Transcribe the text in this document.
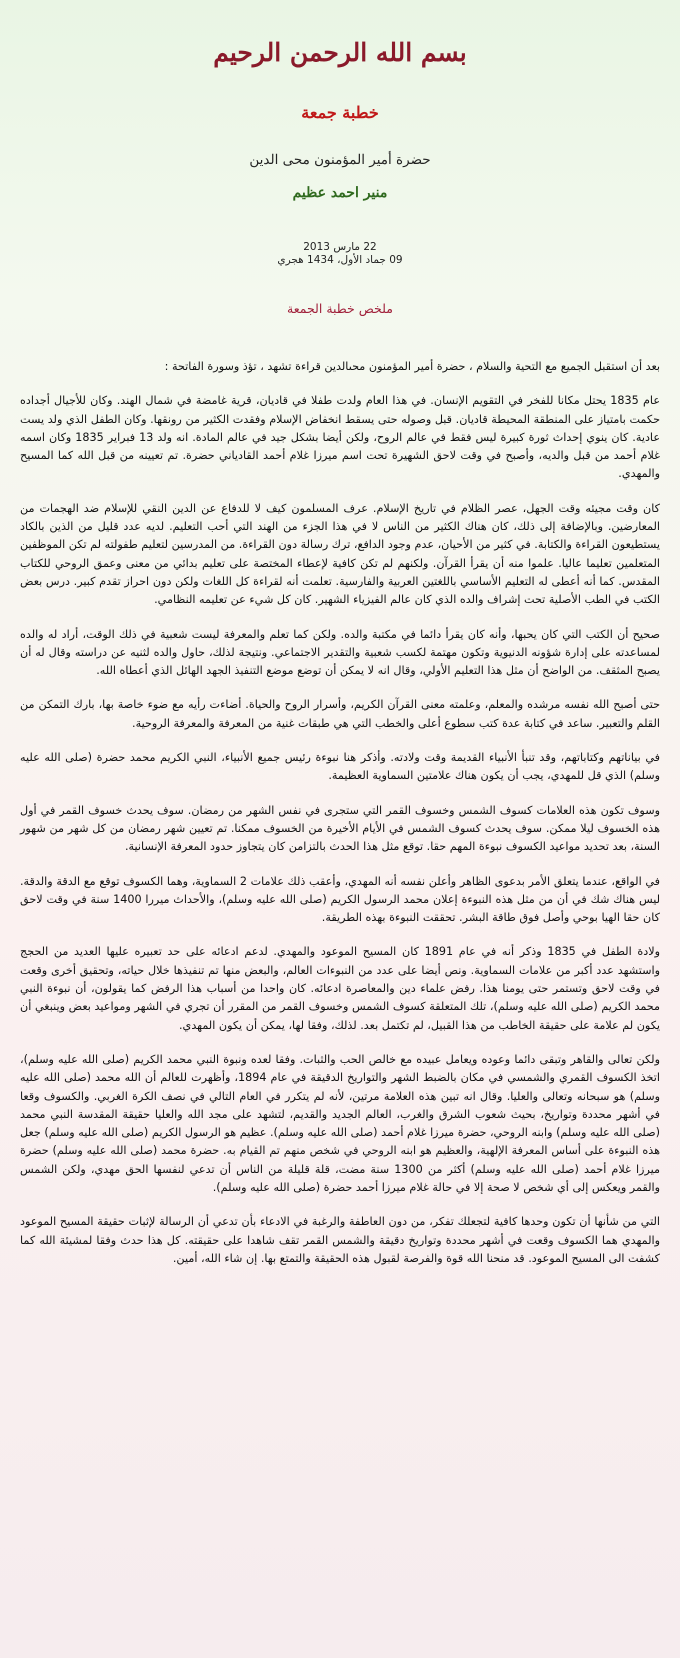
بسم الله الرحمن الرحيم
خطبة جمعة
حضرة أمير المؤمنون محى الدين
منير احمد عظيم
22 مارس 2013
09 جماد الأول، 1434 هجري
ملخص خطبة الجمعة

بعد أن استقبل الجميع مع التحية والسلام ، حضرة أمير المؤمنون محىالدين قراءة تشهد ، تؤذ وسورة الفاتحة :

عام 1835 يحتل مكانا للفخر في التقويم الإنسان. في هذا العام ولدت طفلا في قاديان، قرية غامضة في شمال الهند. وكان للأجيال أجداده حكمت بامتياز على المنطقة المحيطة قاديان. قبل وصوله حتى يسقط انخفاض الإسلام وفقدت الكثير من رونقها. وكان الطفل الذي ولد يست عادية. كان ينوي إحداث ثورة كبيرة ليس فقط في عالم الروح، ولكن أيضا بشكل جيد في عالم المادة. انه ولد 13 فبراير 1835 وكان اسمه غلام أحمد من قبل والديه، وأصبح في وقت لاحق الشهيرة تحت اسم ميرزا غلام أحمد القادياني حضرة. تم تعيينه من قبل الله كما المسيح والمهدي.

كان وقت مجيئه وقت الجهل، عصر الظلام في تاريخ الإسلام. عرف المسلمون كيف لا للدفاع عن الدين النقي للإسلام ضد الهجمات من المعارضين. وبالإضافة إلى ذلك، كان هناك الكثير من الناس لا في هذا الجزء من الهند التي أحب التعليم. لديه عدد قليل من الذين بالكاد يستطيعون القراءة والكتابة. في كثير من الأحيان، عدم وجود الدافع، ترك رسالة دون القراءة. من المدرسين لتعليم طفولته لم تكن الموظفين المتعلمين تعليما عاليا. علموا منه أن يقرأ القرآن. ولكنهم لم تكن كافية لإعطاء المختصة على تعليم بدائي من معنى وعمق الروحي للكتاب المقدس. كما أنه أعطى له التعليم الأساسي باللغتين العربية والفارسية. تعلمت أنه لقراءة كل اللغات ولكن دون احراز تقدم كبير. درس بعض الكتب في الطب الأصلية تحت إشراف والده الذي كان عالم الفيزياء الشهير. كان كل شيء عن تعليمه النظامي.

صحيح أن الكتب التي كان يحبها، وأنه كان يقرأ دائما في مكتبة والده. ولكن كما تعلم والمعرفة ليست شعبية في ذلك الوقت، أراد له والده لمساعدته على إدارة شؤونه الدنيوية وتكون مهتمة لكسب شعبية والتقدير الاجتماعي. ونتيجة لذلك، حاول والده لثنيه عن دراسته وقال له أن يصبح المثقف. من الواضح أن مثل هذا التعليم الأولي، وقال انه لا يمكن أن توضع موضع التنفيذ الجهد الهائل الذي أعطاه الله.

حتى أصبح الله نفسه مرشده والمعلم، وعلمته معنى القرآن الكريم، وأسرار الروح والحياة. أضاءت رأيه مع ضوء خاصة بها، بارك التمكن من القلم والتعبير. ساعد في كتابة عدة كتب سطوع أعلى والخطب التي هي طبقات غنية من المعرفة والمعرفة الروحية.

في بياناتهم وكتاباتهم، وقد تنبأ الأنبياء القديمة وقت ولادته. وأذكر هنا نبوءة رئيس جميع الأنبياء، النبي الكريم محمد حضرة (صلى الله عليه وسلم) الذي قل للمهدي، يجب أن يكون هناك علامتين السماوية العظيمة.

وسوف تكون هذه العلامات كسوف الشمس وخسوف القمر التي ستجرى في نفس الشهر من رمضان. سوف يحدث خسوف القمر في أول هذه الخسوف ليلا ممكن. سوف يحدث كسوف الشمس في الأيام الأخيرة من الخسوف ممكنا. تم تعيين شهر رمضان من كل شهر من شهور السنة، بعد تحديد مواعيد الكسوف نبوءة المهم حقا. توقع مثل هذا الحدث بالتزامن كان يتجاوز حدود المعرفة الإنسانية.

في الواقع، عندما يتعلق الأمر بدعوى الظاهر وأعلن نفسه أنه المهدي، وأعقب ذلك علامات 2 السماوية، وهما الكسوف توقع مع الدقة والدقة. ليس هناك شك في أن من مثل هذه النبوءة إعلان محمد الرسول الكريم (صلى الله عليه وسلم)، والأحداث ميررا 1400 سنة في وقت لاحق كان حقا الهيا بوحي وأصل فوق طاقة البشر. تحققت النبوءة بهذه الطريقة.

ولادة الطفل في 1835 وذكر أنه في عام 1891 كان المسيح الموعود والمهدي. لدعم ادعائه على حد تعبيره عليها العديد من الحجج واستشهد عدد أكبر من علامات السماوية. ونص أيضا على عدد من النبوءات العالم، والبعض منها تم تنفيذها خلال حياته، وتحقيق أخرى وقعت في وقت لاحق وتستمر حتى يومنا هذا. رفض علماء دين والمعاصرة ادعائه. كان واحدا من أسباب هذا الرفض كما يقولون، أن نبوءة النبي محمد الكريم (صلى الله عليه وسلم)، تلك المتعلقة كسوف الشمس وخسوف القمر من المقرر أن تجري في الشهر ومواعيد بعض وينبغي أن يكون لم علامة على حقيقة الخاطب من هذا القبيل، لم تكتمل بعد. لذلك، وفقا لها، يمكن أن يكون المهدي.

ولكن تعالى والقاهر وتبقى دائما وعوده ويعامل عبيده مع خالص الحب والثبات. وفقا لعده ونبوة النبي محمد الكريم (صلى الله عليه وسلم)، اتخذ الكسوف القمري والشمسي في مكان بالضبط الشهر والتواريخ الدقيقة في عام 1894، وأظهرت للعالم أن الله محمد (صلى الله عليه وسلم) هو سبحانه وتعالى والعليا. وقال انه تبين هذه العلامة مرتين، لأنه لم يتكرر في العام التالي في نصف الكرة الغربي. والكسوف وقعا في أشهر محددة وتواريخ، بحيث شعوب الشرق والغرب، العالم الجديد والقديم، لتشهد على مجد الله والعليا حقيقة المقدسة النبي محمد (صلى الله عليه وسلم) وابنه الروحي، حضرة ميرزا غلام أحمد (صلى الله عليه وسلم). عظيم هو الرسول الكريم (صلى الله عليه وسلم) جعل هذه النبوءة على أساس المعرفة الإلهية، والعظيم هو ابنه الروحي في شخص منهم تم القيام به. حضرة محمد (صلى الله عليه وسلم) حضرة ميرزا غلام أحمد (صلى الله عليه وسلم) أكثر من 1300 سنة مضت، قلة قليلة من الناس أن تدعي لنفسها الحق مهدي، ولكن الشمس والقمر ويعكس إلى أي شخص لا صحة إلا في حالة غلام ميرزا أحمد حضرة (صلى الله عليه وسلم).

التي من شأنها أن تكون وحدها كافية لتجعلك تفكر، من دون العاطفة والرغبة في الادعاء بأن تدعي أن الرسالة لإثبات حقيقة المسيح الموعود والمهدي هما الكسوف وقعت في أشهر محددة وتواريخ دقيقة والشمس القمر تقف شاهدا على حقيقته. كل هذا حدث وفقا لمشيئة الله كما كشفت الى المسيح الموعود. قد منحنا الله قوة والفرصة لقبول هذه الحقيقة والتمتع بها. إن شاء الله، أمين.
